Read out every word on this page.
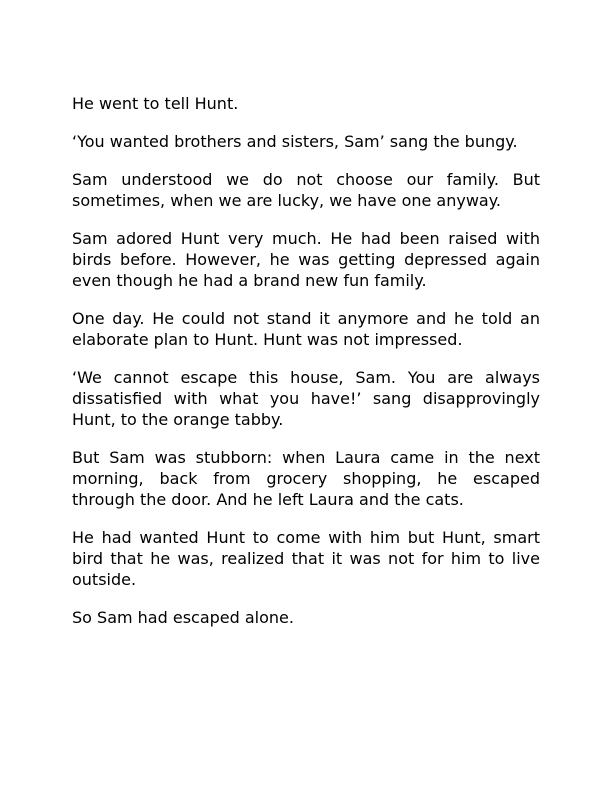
He went to tell Hunt.

‘You wanted brothers and sisters, Sam’ sang the bungy.

Sam understood we do not choose our family. But sometimes, when we are lucky, we have one anyway.

Sam adored Hunt very much. He had been raised with birds before. However, he was getting depressed again even though he had a brand new fun family.

One day. He could not stand it anymore and he told an elaborate plan to Hunt. Hunt was not impressed.

‘We cannot escape this house, Sam. You are always dissatisfied with what you have!’ sang disapprovingly Hunt, to the orange tabby.

But Sam was stubborn: when Laura came in the next morning, back from grocery shopping, he escaped through the door. And he left Laura and the cats.

He had wanted Hunt to come with him but Hunt, smart bird that he was, realized that it was not for him to live outside.

So Sam had escaped alone.
